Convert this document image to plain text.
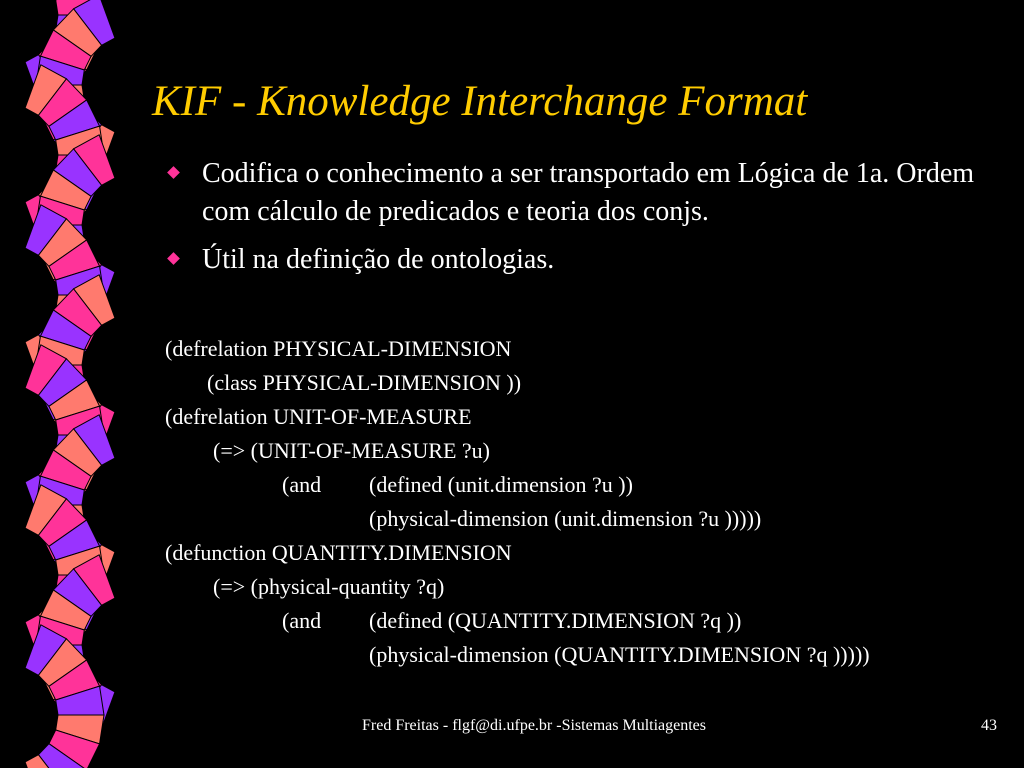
KIF - Knowledge Interchange Format
Codifica o conhecimento a ser transportado em Lógica de 1a. Ordem com cálculo de predicados e teoria dos conjs.
Útil na definição de ontologias.
(defrelation PHYSICAL-DIMENSION
(class PHYSICAL-DIMENSION ))
(defrelation UNIT-OF-MEASURE
(=> (UNIT-OF-MEASURE ?u)
(and (defined (unit.dimension ?u ))
(physical-dimension (unit.dimension ?u )))))
(defunction QUANTITY.DIMENSION
(=> (physical-quantity ?q)
(and (defined (QUANTITY.DIMENSION ?q ))
(physical-dimension (QUANTITY.DIMENSION ?q )))))
Fred Freitas - flgf@di.ufpe.br -Sistemas Multiagentes	43
